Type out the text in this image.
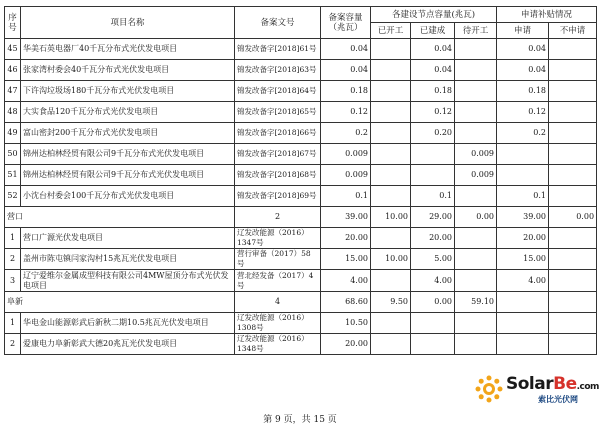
序号	项目名称	备案文号	备案容量（兆瓦）	各建设节点容量(兆瓦)			申请补贴情况	
				已开工	已建成	待开工	申请	不申请
45	华美石英电器厂40千瓦分布式光伏发电项目	锦发改备字[2018]61号	0.04		0.04		0.04	
46	张家湾村委会40千瓦分布式光伏发电项目	锦发改备字[2018]63号	0.04		0.04		0.04	
47	下许沟垃圾场180千瓦分布式光伏发电项目	锦发改备字[2018]64号	0.18		0.18		0.18	
48	大实食品120千瓦分布式光伏发电项目	锦发改备字[2018]65号	0.12		0.12		0.12	
49	富山密封200千瓦分布式光伏发电项目	锦发改备字[2018]66号	0.2		0.20		0.2	
50	锦州达柏林经贸有限公司9千瓦分布式光伏发电项目	锦发改备字[2018]67号	0.009			0.009		
51	锦州达柏林经贸有限公司9千瓦分布式光伏发电项目	锦发改备字[2018]68号	0.009			0.009		
52	小沈台村委会100千瓦分布式光伏发电项目	锦发改备字[2018]69号	0.1		0.1		0.1	
营口		2	39.00	10.00	29.00	0.00	39.00	0.00
1	营口广源光伏发电项目	辽发改能源（2016）1347号	20.00		20.00		20.00	
2	盖州市陈屯镇闫家沟村15兆瓦光伏发电项目	营行审备（2017）58号	15.00	10.00	5.00		15.00	
3	辽宁爱维尔金属成型科技有限公司4MW屋顶分布式光伏发电项目	营北经发备（2017）4号	4.00		4.00		4.00	
阜新		4	68.60	9.50	0.00	59.10		
1	华电金山能源彰武后新秋二期10.5兆瓦光伏发电项目	辽发改能源（2016）1308号	10.50					
2	爱康电力阜新彰武大德20兆瓦光伏发电项目	辽发改能源（2016）1348号	20.00					
SolarBe.com
索比光伏网
第 9 页，共 15 页
